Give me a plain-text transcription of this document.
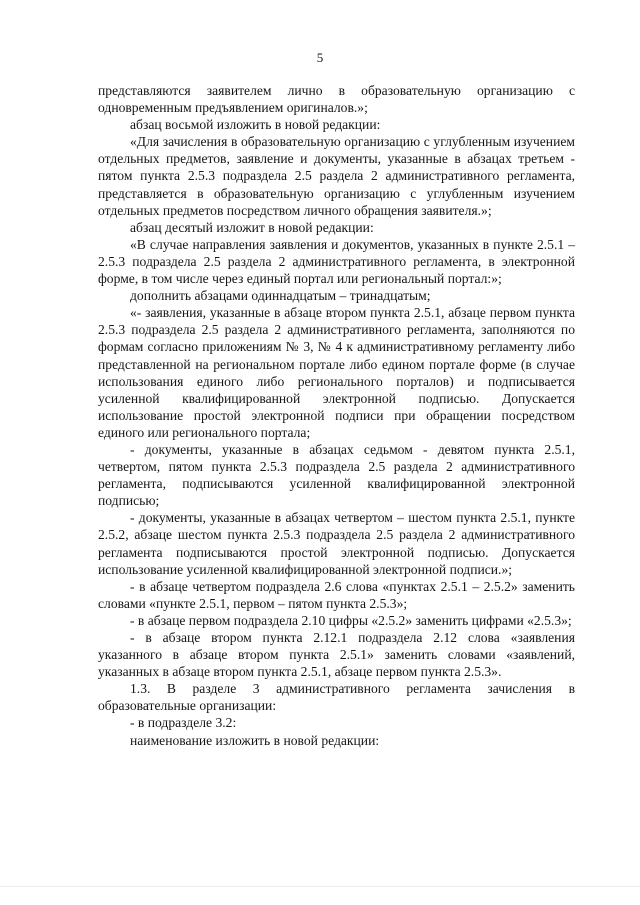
5

представляются заявителем лично в образовательную организацию с одновременным предъявлением оригиналов.»;

абзац восьмой изложить в новой редакции:

«Для зачисления в образовательную организацию с углубленным изучением отдельных предметов, заявление и документы, указанные в абзацах третьем - пятом пункта 2.5.3 подраздела 2.5 раздела 2 административного регламента, представляется в образовательную организацию с углубленным изучением отдельных предметов посредством личного обращения заявителя.»;

абзац десятый изложит в новой редакции:

«В случае направления заявления и документов, указанных в пункте 2.5.1 – 2.5.3 подраздела 2.5 раздела 2 административного регламента, в электронной форме, в том числе через единый портал или региональный портал:»;

дополнить абзацами одиннадцатым – тринадцатым;

«- заявления, указанные в абзаце втором пункта 2.5.1, абзаце первом пункта 2.5.3 подраздела 2.5 раздела 2 административного регламента, заполняются по формам согласно приложениям № 3, № 4 к административному регламенту либо представленной на региональном портале либо едином портале форме (в случае использования единого либо регионального порталов) и подписывается усиленной квалифицированной электронной подписью. Допускается использование простой электронной подписи при обращении посредством единого или регионального портала;

- документы, указанные в абзацах седьмом - девятом пункта 2.5.1, четвертом, пятом пункта 2.5.3 подраздела 2.5 раздела 2 административного регламента, подписываются усиленной квалифицированной электронной подписью;

- документы, указанные в абзацах четвертом – шестом пункта 2.5.1, пункте 2.5.2, абзаце шестом пункта 2.5.3 подраздела 2.5 раздела 2 административного регламента подписываются простой электронной подписью. Допускается использование усиленной квалифицированной электронной подписи.»;

- в абзаце четвертом подраздела 2.6 слова «пунктах 2.5.1 – 2.5.2» заменить словами «пункте 2.5.1, первом – пятом пункта 2.5.3»;

- в абзаце первом подраздела 2.10 цифры «2.5.2» заменить цифрами «2.5.3»;

- в абзаце втором пункта 2.12.1 подраздела 2.12 слова «заявления указанного в абзаце втором пункта 2.5.1» заменить словами «заявлений, указанных в абзаце втором пункта 2.5.1, абзаце первом пункта 2.5.3».

1.3. В разделе 3 административного регламента зачисления в образовательные организации:

- в подразделе 3.2:

наименование изложить в новой редакции:
